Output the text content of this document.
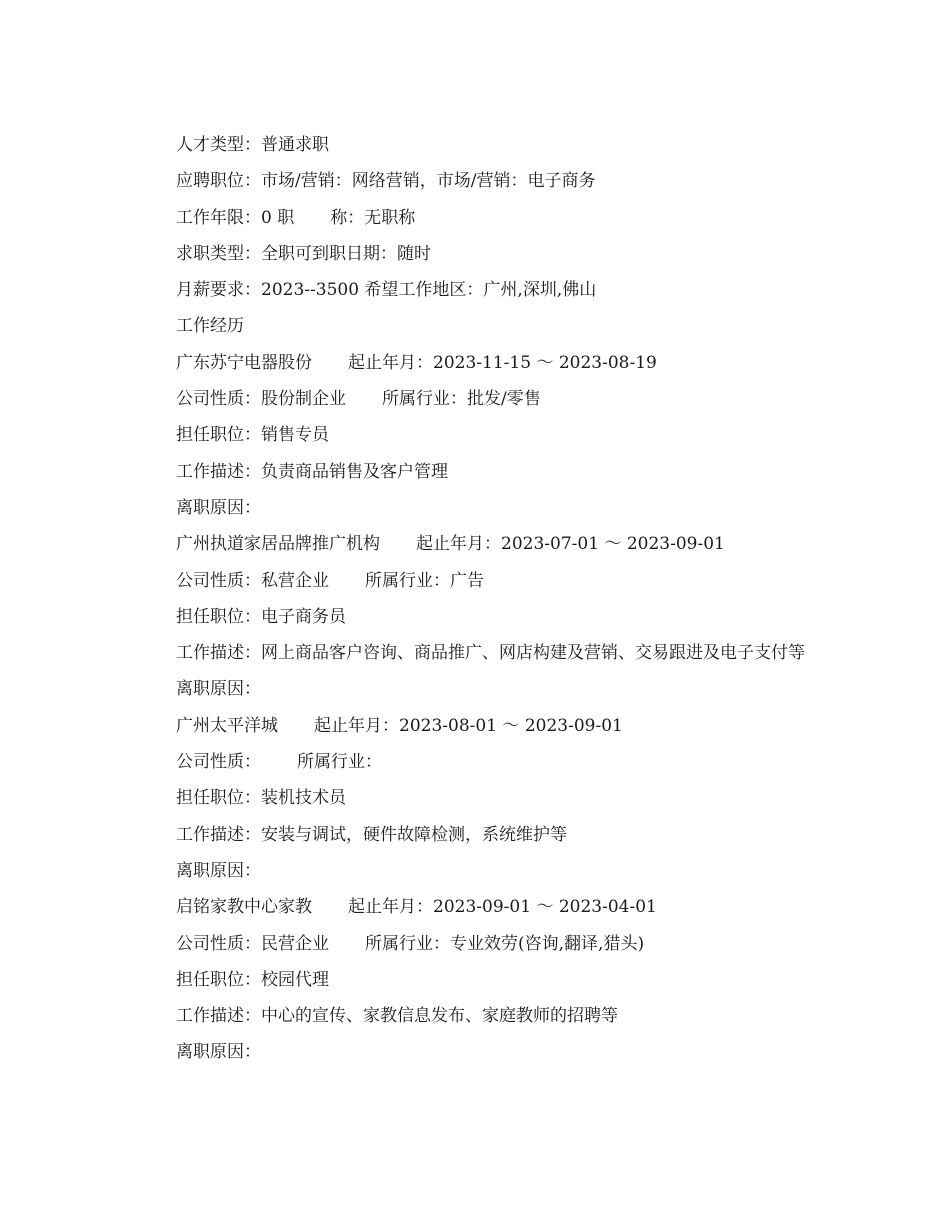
人才类型：普通求职
应聘职位：市场/营销：网络营销，市场/营销：电子商务
工作年限：0 职 称：无职称
求职类型：全职可到职日期：随时
月薪要求：2023--3500 希望工作地区：广州,深圳,佛山
工作经历
广东苏宁电器股份 起止年月：2023-11-15 ～ 2023-08-19
公司性质：股份制企业 所属行业：批发/零售
担任职位：销售专员
工作描述：负责商品销售及客户管理
离职原因：
广州执道家居品牌推广机构 起止年月：2023-07-01 ～ 2023-09-01
公司性质：私营企业 所属行业：广告
担任职位：电子商务员
工作描述：网上商品客户咨询、商品推广、网店构建及营销、交易跟进及电子支付等
离职原因：
广州太平洋城 起止年月：2023-08-01 ～ 2023-09-01
公司性质： 所属行业：
担任职位：装机技术员
工作描述：安装与调试，硬件故障检测，系统维护等
离职原因：
启铭家教中心家教 起止年月：2023-09-01 ～ 2023-04-01
公司性质：民营企业 所属行业：专业效劳(咨询,翻译,猎头)
担任职位：校园代理
工作描述：中心的宣传、家教信息发布、家庭教师的招聘等
离职原因：
